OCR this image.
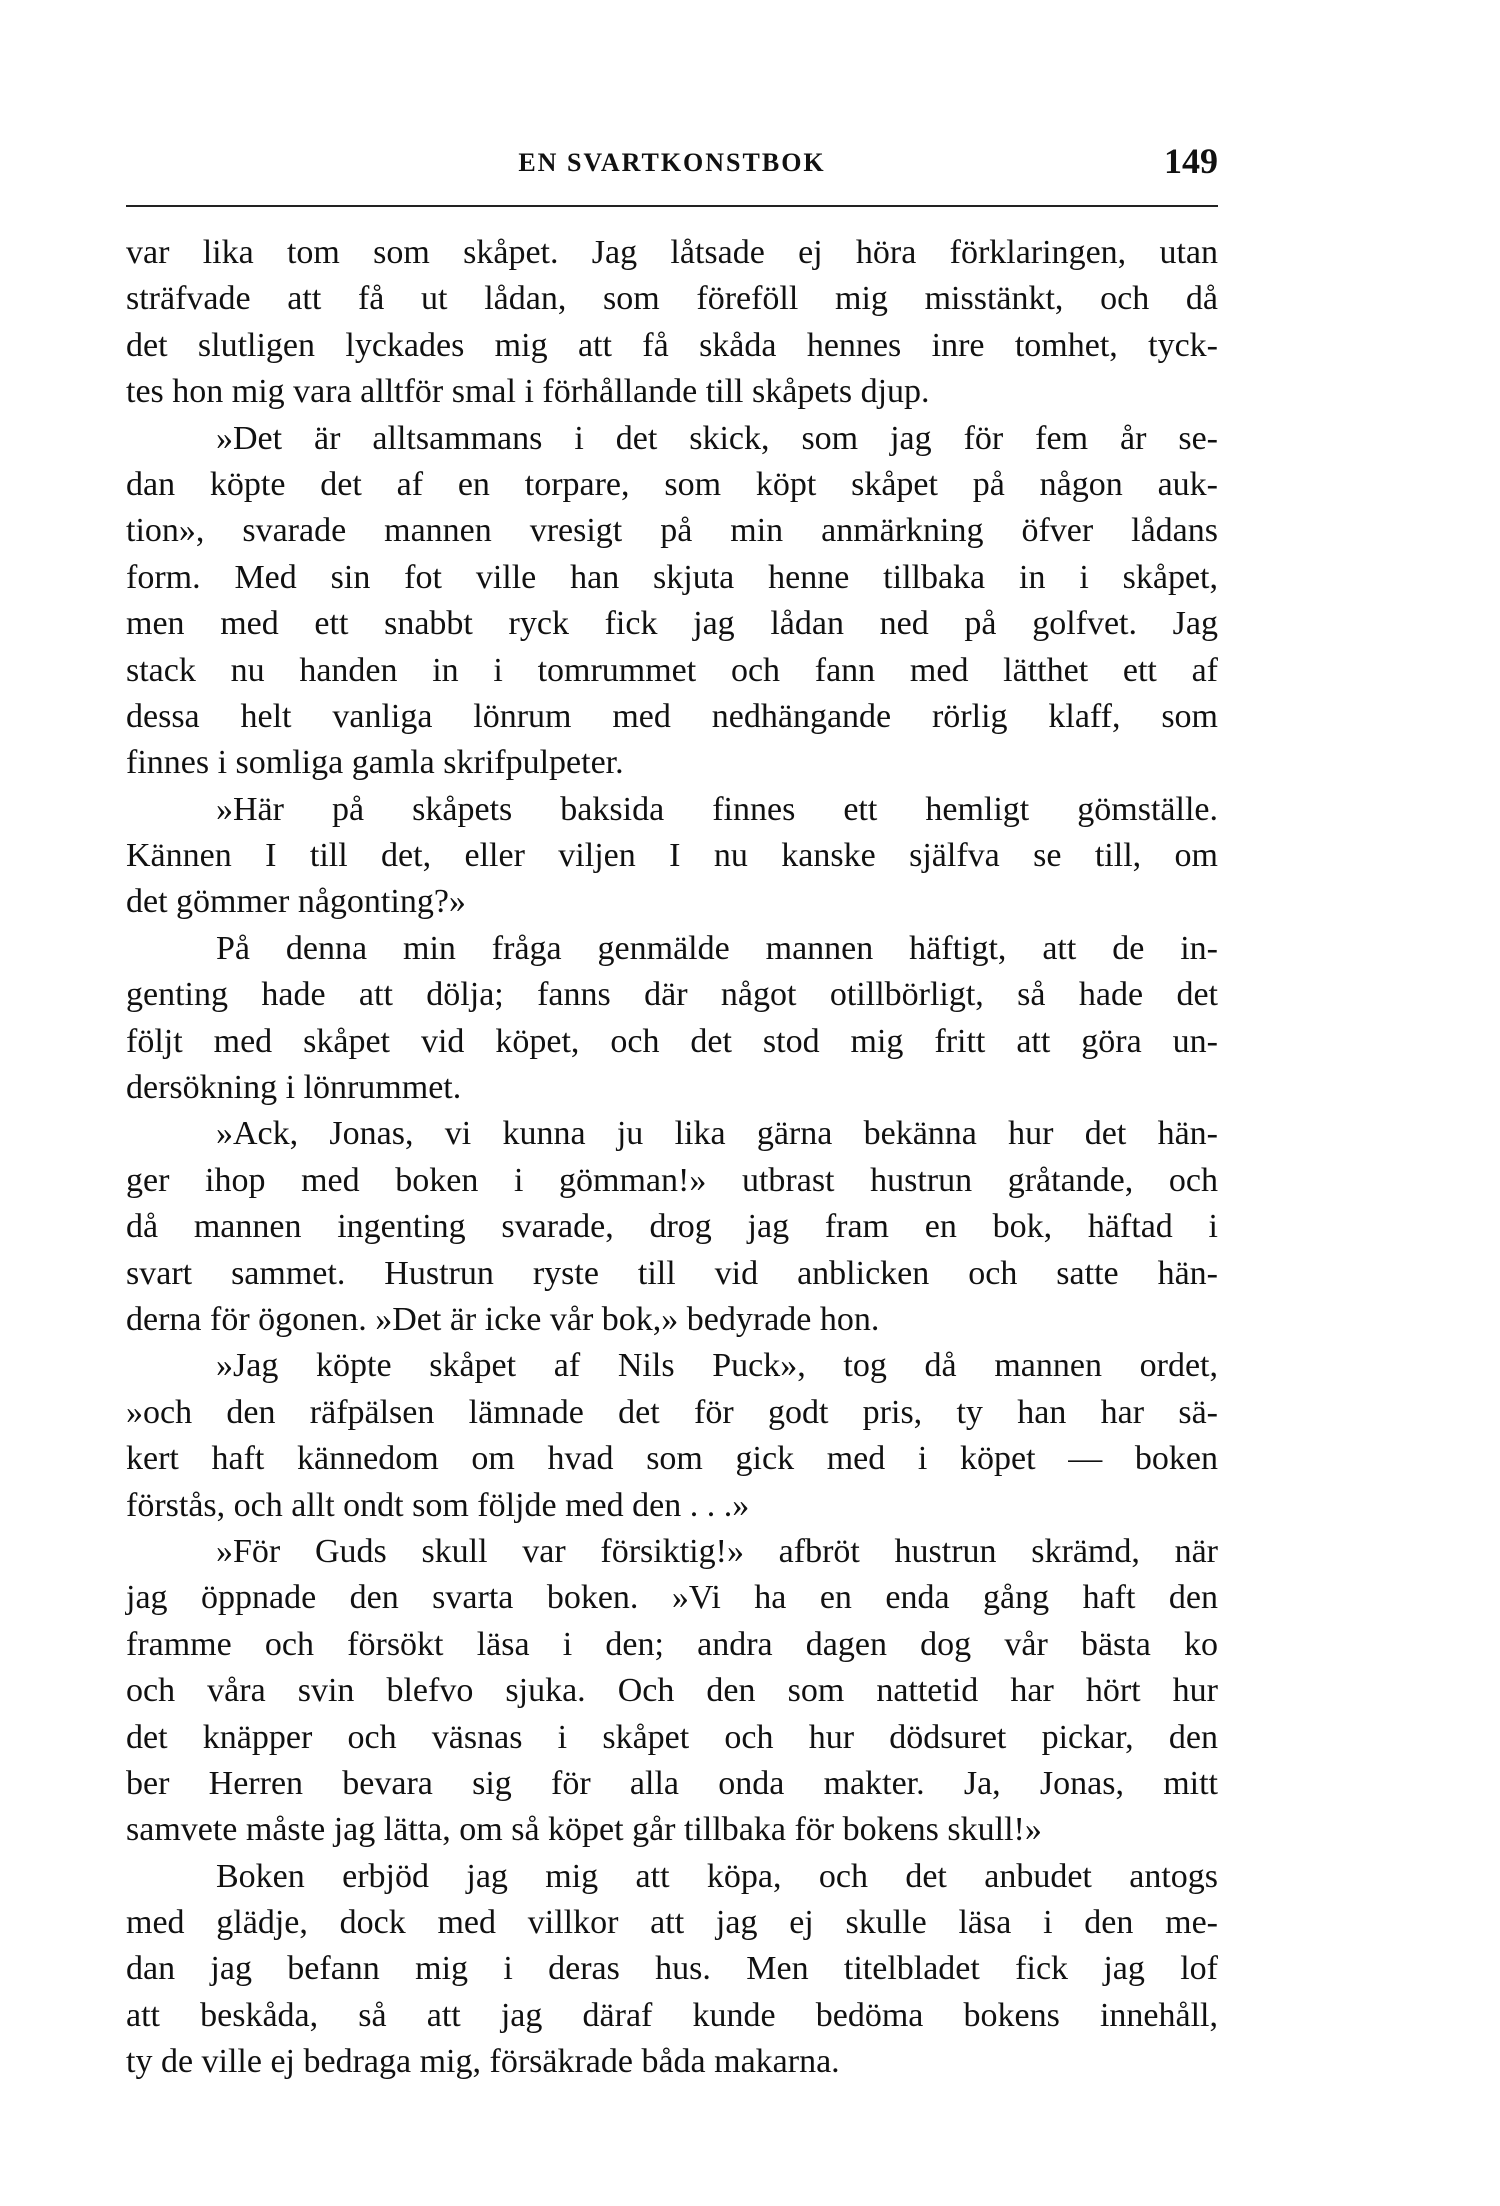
EN SVARTKONSTBOK	149
var lika tom som skåpet. Jag låtsade ej höra förklaringen, utan
sträfvade att få ut lådan, som föreföll mig misstänkt, och då
det slutligen lyckades mig att få skåda hennes inre tomhet, tyck-
tes hon mig vara alltför smal i förhållande till skåpets djup.
»Det är alltsammans i det skick, som jag för fem år se-
dan köpte det af en torpare, som köpt skåpet på någon auk-
tion», svarade mannen vresigt på min anmärkning öfver lådans
form. Med sin fot ville han skjuta henne tillbaka in i skåpet,
men med ett snabbt ryck fick jag lådan ned på golfvet. Jag
stack nu handen in i tomrummet och fann med lätthet ett af
dessa helt vanliga lönrum med nedhängande rörlig klaff, som
finnes i somliga gamla skrifpulpeter.
»Här på skåpets baksida finnes ett hemligt gömställe.
Kännen I till det, eller viljen I nu kanske själfva se till, om
det gömmer någonting?»
På denna min fråga genmälde mannen häftigt, att de in-
genting hade att dölja; fanns där något otillbörligt, så hade det
följt med skåpet vid köpet, och det stod mig fritt att göra un-
dersökning i lönrummet.
»Ack, Jonas, vi kunna ju lika gärna bekänna hur det hän-
ger ihop med boken i gömman!» utbrast hustrun gråtande, och
då mannen ingenting svarade, drog jag fram en bok, häftad i
svart sammet. Hustrun ryste till vid anblicken och satte hän-
derna för ögonen. »Det är icke vår bok,» bedyrade hon.
»Jag köpte skåpet af Nils Puck», tog då mannen ordet,
»och den räfpälsen lämnade det för godt pris, ty han har sä-
kert haft kännedom om hvad som gick med i köpet — boken
förstås, och allt ondt som följde med den . . .»
»För Guds skull var försiktig!» afbröt hustrun skrämd, när
jag öppnade den svarta boken. »Vi ha en enda gång haft den
framme och försökt läsa i den; andra dagen dog vår bästa ko
och våra svin blefvo sjuka. Och den som nattetid har hört hur
det knäpper och väsnas i skåpet och hur dödsuret pickar, den
ber Herren bevara sig för alla onda makter. Ja, Jonas, mitt
samvete måste jag lätta, om så köpet går tillbaka för bokens skull!»
Boken erbjöd jag mig att köpa, och det anbudet antogs
med glädje, dock med villkor att jag ej skulle läsa i den me-
dan jag befann mig i deras hus. Men titelbladet fick jag lof
att beskåda, så att jag däraf kunde bedöma bokens innehåll,
ty de ville ej bedraga mig, försäkrade båda makarna.
